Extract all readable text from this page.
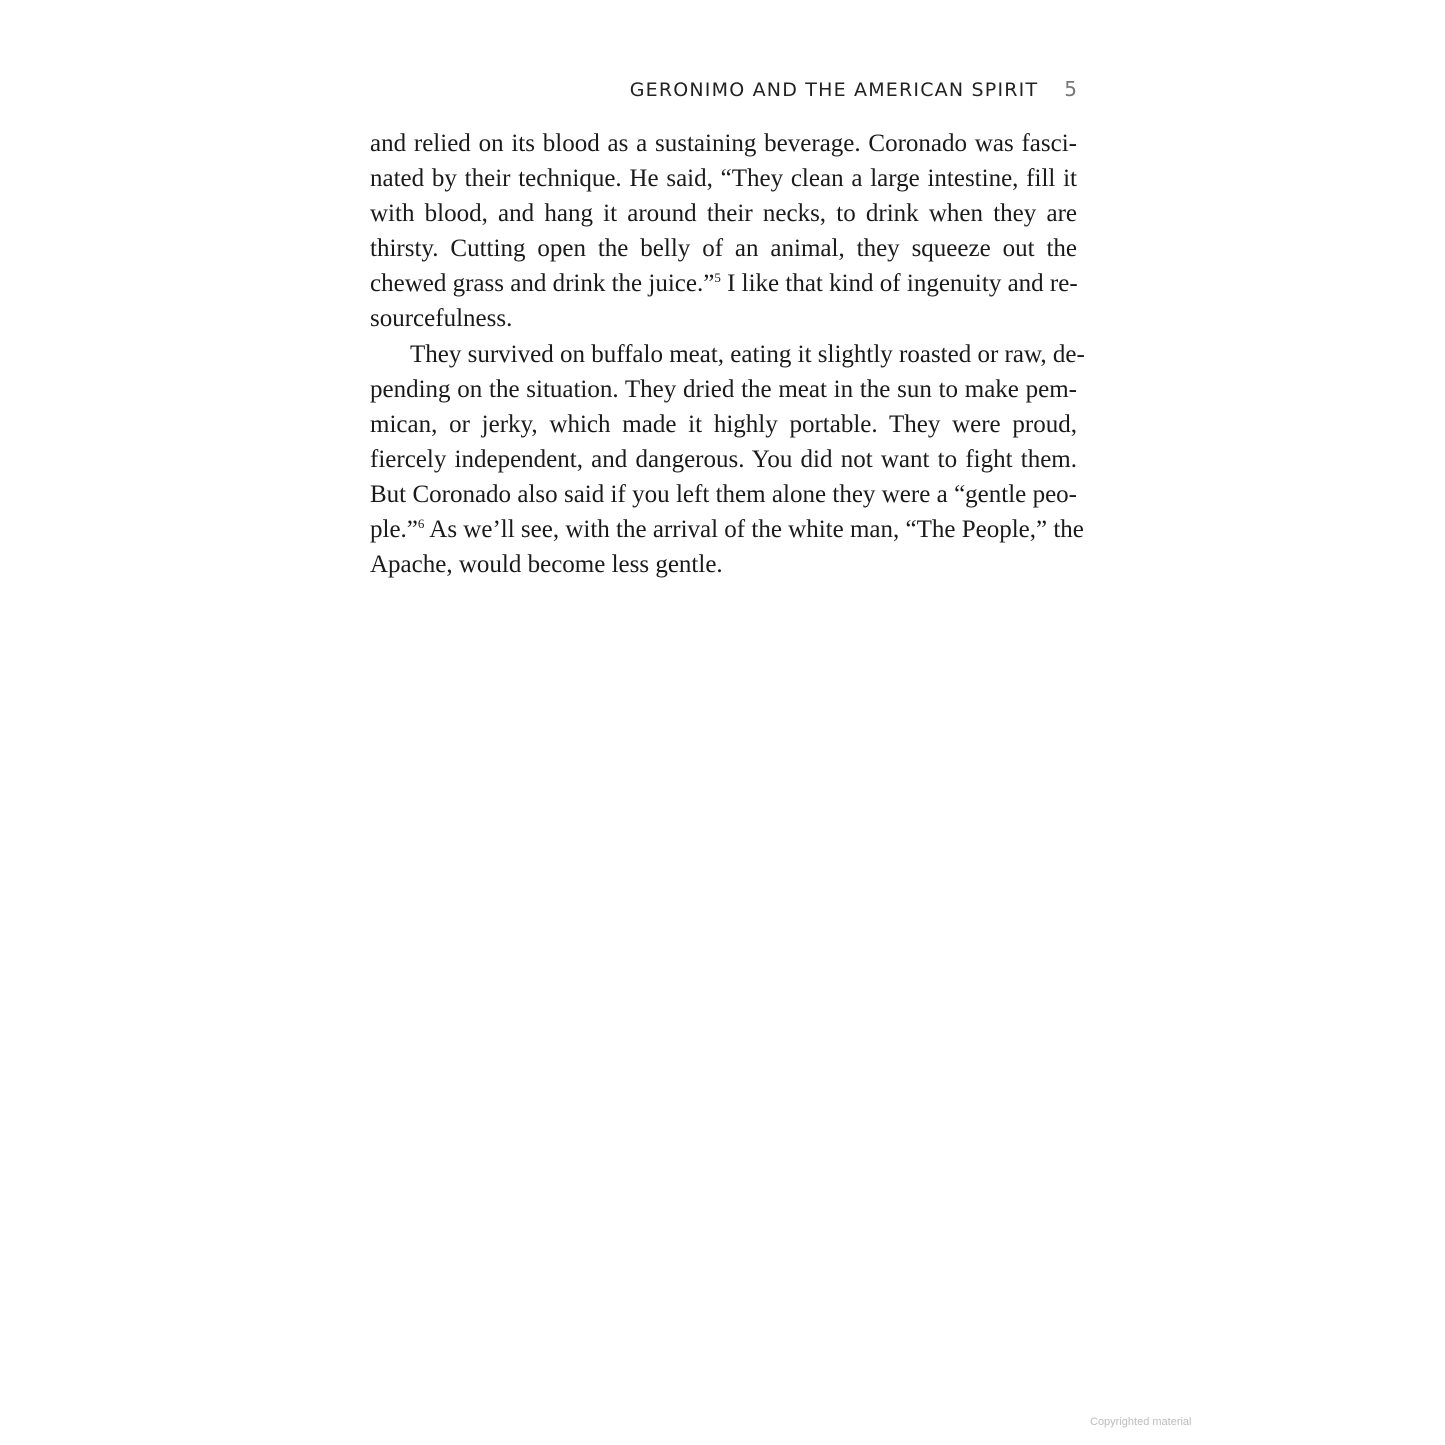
GERONIMO AND THE AMERICAN SPIRIT 5
and relied on its blood as a sustaining beverage. Coronado was fasci-
nated by their technique. He said, “They clean a large intestine, fill it
with blood, and hang it around their necks, to drink when they are
thirsty. Cutting open the belly of an animal, they squeeze out the
chewed grass and drink the juice.”$^5$ I like that kind of ingenuity and re-
sourcefulness.
They survived on buffalo meat, eating it slightly roasted or raw, de-
pending on the situation. They dried the meat in the sun to make pem-
mican, or jerky, which made it highly portable. They were proud,
fiercely independent, and dangerous. You did not want to fight them.
But Coronado also said if you left them alone they were a “gentle peo-
ple.”$^6$ As we’ll see, with the arrival of the white man, “The People,” the
Apache, would become less gentle.
Copyrighted material
